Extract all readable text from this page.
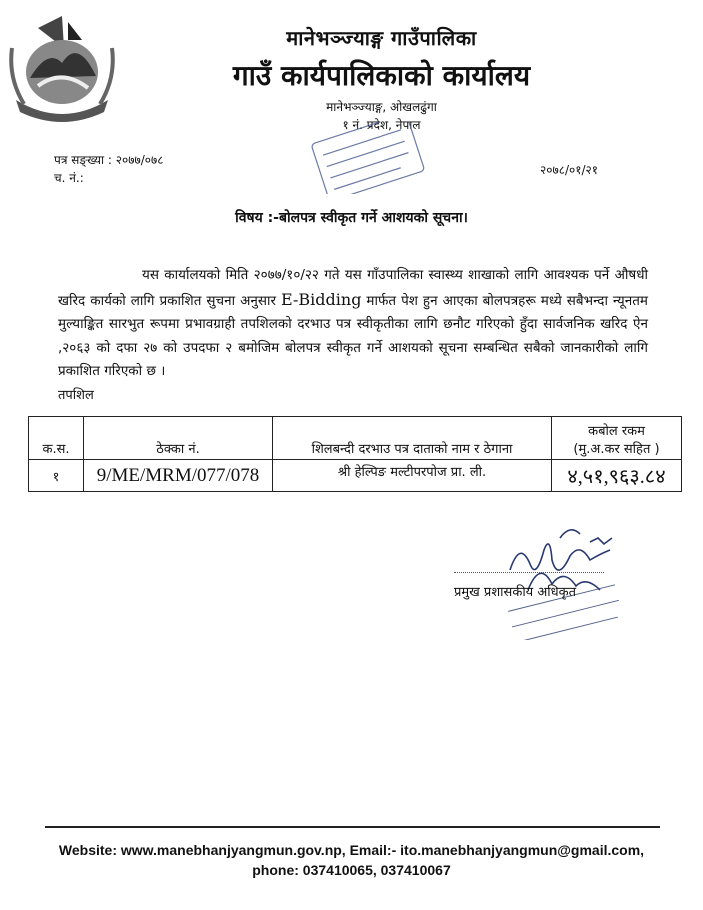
मानेभञ्ज्याङ्ग गाउँपालिका
गाउँ कार्यपालिकाको कार्यालय
मानेभञ्ज्याङ्ग, ओखलढुंगा
१ नं. प्रदेश, नेपाल
पत्र सङ्ख्या : २०७७/०७८
च. नं.:
२०७८/०१/२१
विषय :-बोलपत्र स्वीकृत गर्ने आशयको सूचना।
यस कार्यालयको मिति २०७७/१०/२२ गते यस गाँउपालिका स्वास्थ्य शाखाको लागि आवश्यक पर्ने औषधी खरिद कार्यको लागि प्रकाशित सुचना अनुसार E-Bidding मार्फत पेश हुन आएका बोलपत्रहरू मध्ये सबैभन्दा न्यूनतम मुल्याङ्कित सारभुत रूपमा प्रभावग्राही तपशिलको दरभाउ पत्र स्वीकृतीका लागि छनौट गरिएको हुँदा सार्वजनिक खरिद ऐन ,२०६३ को दफा २७ को उपदफा २ बमोजिम बोलपत्र स्वीकृत गर्ने आशयको सूचना सम्बन्धित सबैको जानकारीको लागि प्रकाशित गरिएको छ ।
तपशिल
क.स.	ठेक्का नं.	शिलबन्दी दरभाउ पत्र दाताको नाम र ठेगाना	कबोल रकम
(मु.अ.कर सहित )

१	9/ME/MRM/077/078	श्री हेल्पिङ मल्टीपरपोज प्रा. ली.	४,५१,९६३.८४
प्रमुख प्रशासकीय अधिकृत
Website: www.manebhanjyangmun.gov.np, Email:- ito.manebhanjyangmun@gmail.com,
phone: 037410065, 037410067
